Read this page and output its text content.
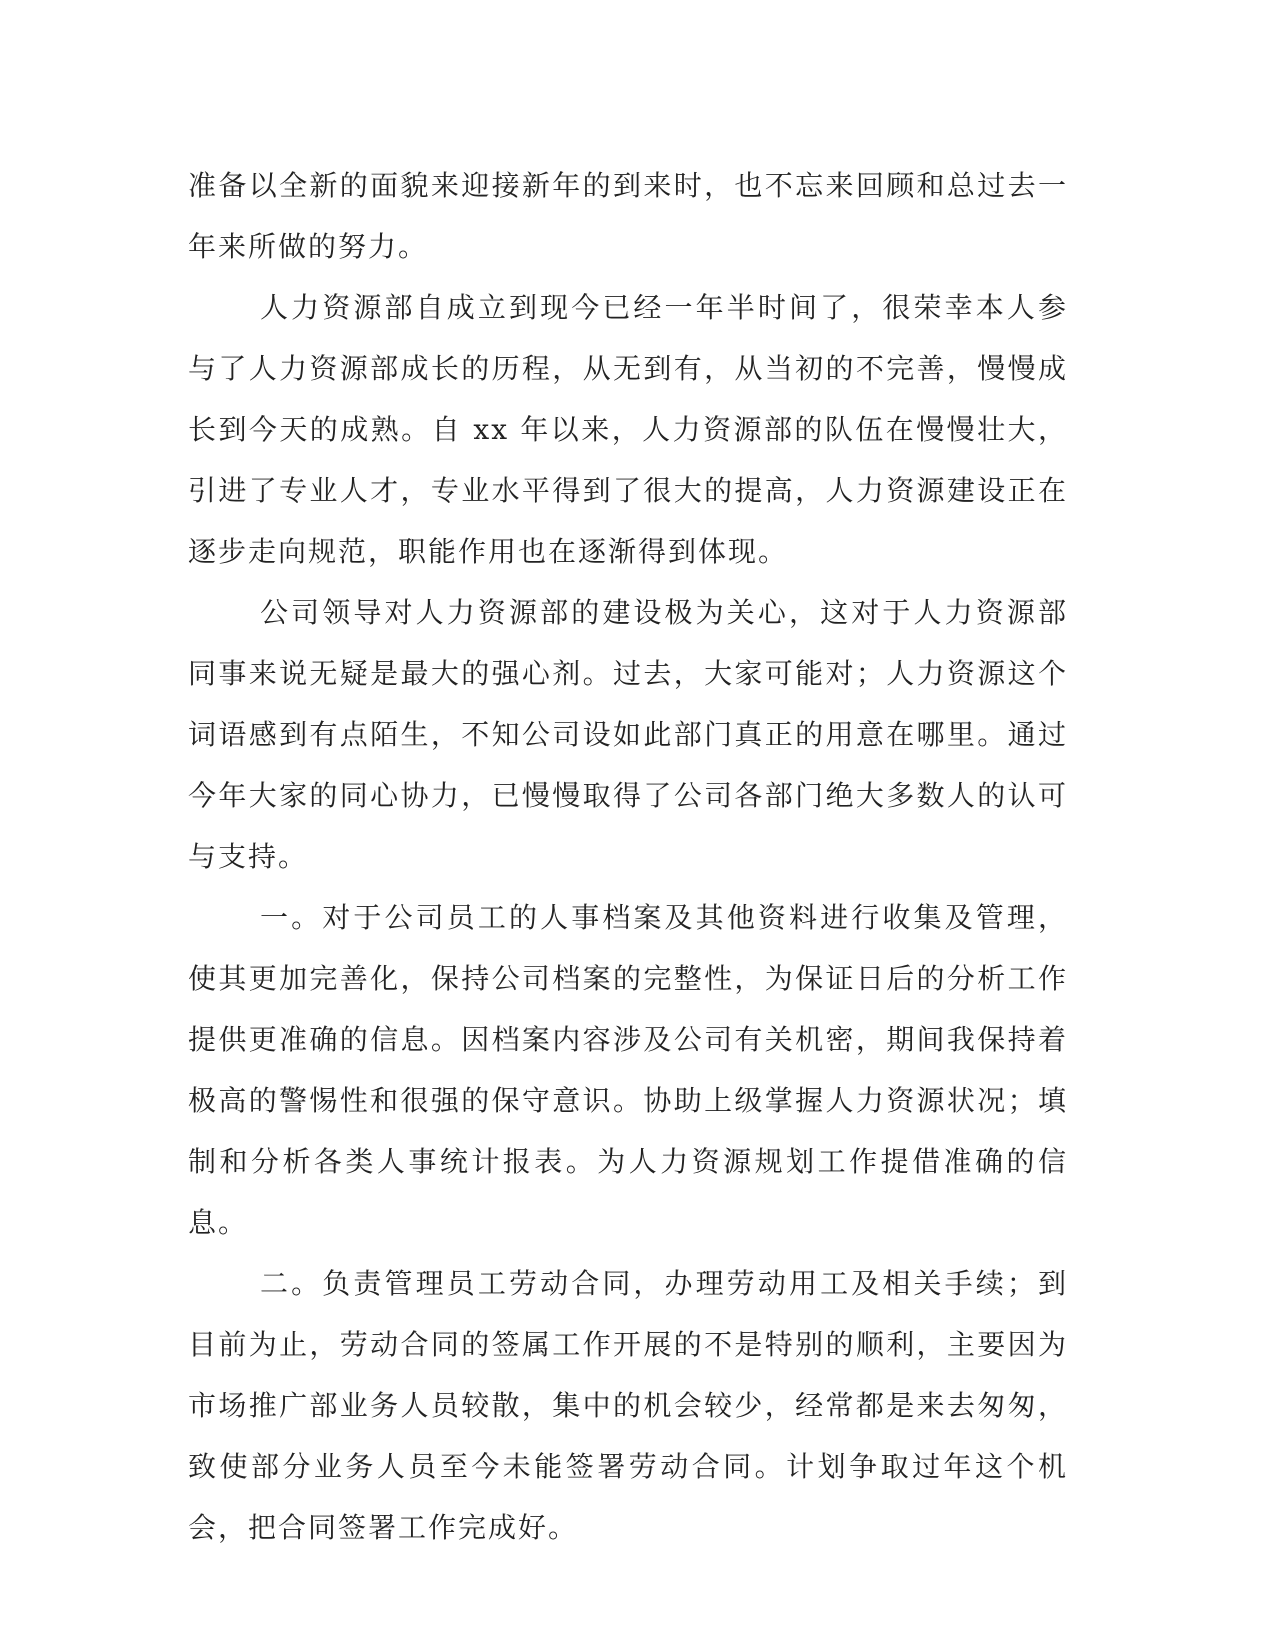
准备以全新的面貌来迎接新年的到来时，也不忘来回顾和总过去一年来所做的努力。

人力资源部自成立到现今已经一年半时间了，很荣幸本人参与了人力资源部成长的历程，从无到有，从当初的不完善，慢慢成长到今天的成熟。自 xx 年以来，人力资源部的队伍在慢慢壮大，引进了专业人才，专业水平得到了很大的提高，人力资源建设正在逐步走向规范，职能作用也在逐渐得到体现。

公司领导对人力资源部的建设极为关心，这对于人力资源部同事来说无疑是最大的强心剂。过去，大家可能对；人力资源这个词语感到有点陌生，不知公司设如此部门真正的用意在哪里。通过今年大家的同心协力，已慢慢取得了公司各部门绝大多数人的认可与支持。

一。对于公司员工的人事档案及其他资料进行收集及管理，使其更加完善化，保持公司档案的完整性，为保证日后的分析工作提供更准确的信息。因档案内容涉及公司有关机密，期间我保持着极高的警惕性和很强的保守意识。协助上级掌握人力资源状况；填制和分析各类人事统计报表。为人力资源规划工作提借准确的信息。

二。负责管理员工劳动合同，办理劳动用工及相关手续；到目前为止，劳动合同的签属工作开展的不是特别的顺利，主要因为市场推广部业务人员较散，集中的机会较少，经常都是来去匆匆，致使部分业务人员至今未能签署劳动合同。计划争取过年这个机会，把合同签署工作完成好。
